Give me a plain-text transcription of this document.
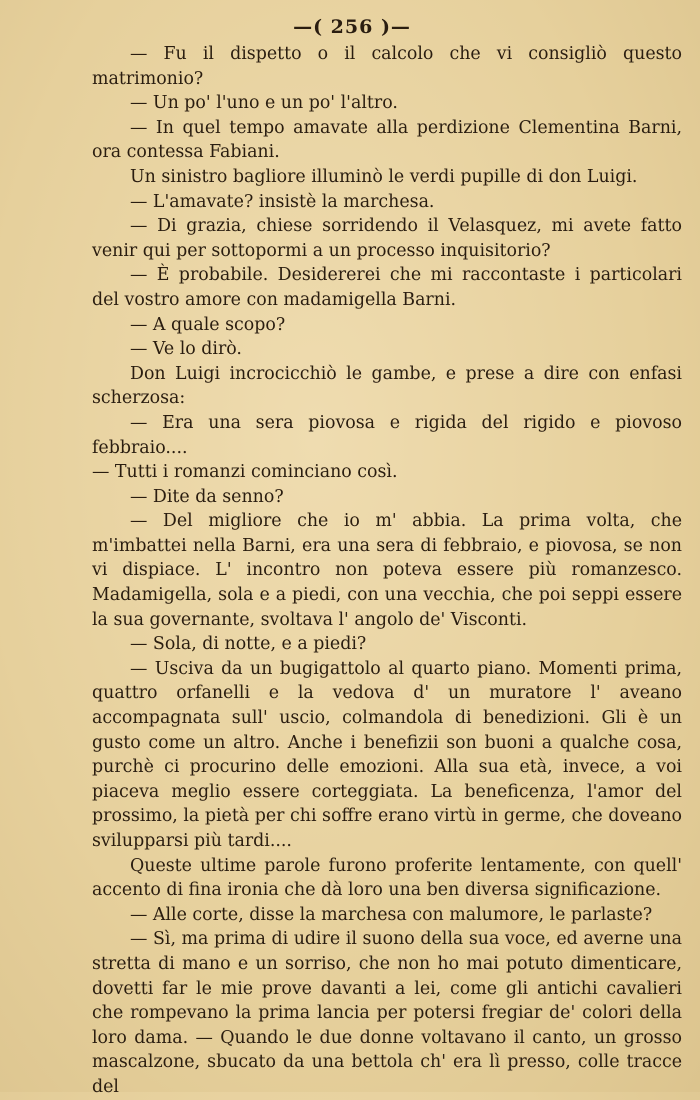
—( 256 )—

— Fu il dispetto o il calcolo che vi consigliò questo matrimonio?

— Un po' l'uno e un po' l'altro.

— In quel tempo amavate alla perdizione Clementina Barni, ora contessa Fabiani.

Un sinistro bagliore illuminò le verdi pupille di don Luigi.

— L'amavate? insistè la marchesa.

— Di grazia, chiese sorridendo il Velasquez, mi avete fatto venir qui per sottopormi a un processo inquisitorio?

— È probabile. Desidererei che mi raccontaste i particolari del vostro amore con madamigella Barni.

— A quale scopo?

— Ve lo dirò.

Don Luigi incrocicchiò le gambe, e prese a dire con enfasi scherzosa:

— Era una sera piovosa e rigida del rigido e piovoso febbraio....

— Tutti i romanzi cominciano così.

— Dite da senno?

— Del migliore che io m' abbia. La prima volta, che m'imbattei nella Barni, era una sera di febbraio, e piovosa, se non vi dispiace. L' incontro non poteva essere più romanzesco. Madamigella, sola e a piedi, con una vecchia, che poi seppi essere la sua governante, svoltava l' angolo de' Visconti.

— Sola, di notte, e a piedi?

— Usciva da un bugigattolo al quarto piano. Momenti prima, quattro orfanelli e la vedova d' un muratore l' aveano accompagnata sull' uscio, colmandola di benedizioni. Gli è un gusto come un altro. Anche i benefizii son buoni a qualche cosa, purchè ci procurino delle emozioni. Alla sua età, invece, a voi piaceva meglio essere corteggiata. La beneficenza, l'amor del prossimo, la pietà per chi soffre erano virtù in germe, che doveano svilupparsi più tardi....

Queste ultime parole furono proferite lentamente, con quell' accento di fina ironia che dà loro una ben diversa significazione.

— Alle corte, disse la marchesa con malumore, le parlaste?

— Sì, ma prima di udire il suono della sua voce, ed averne una stretta di mano e un sorriso, che non ho mai potuto dimenticare, dovetti far le mie prove davanti a lei, come gli antichi cavalieri che rompevano la prima lancia per potersi fregiar de' colori della loro dama. — Quando le due donne voltavano il canto, un grosso mascalzone, sbucato da una bettola ch' era lì presso, colle tracce del
